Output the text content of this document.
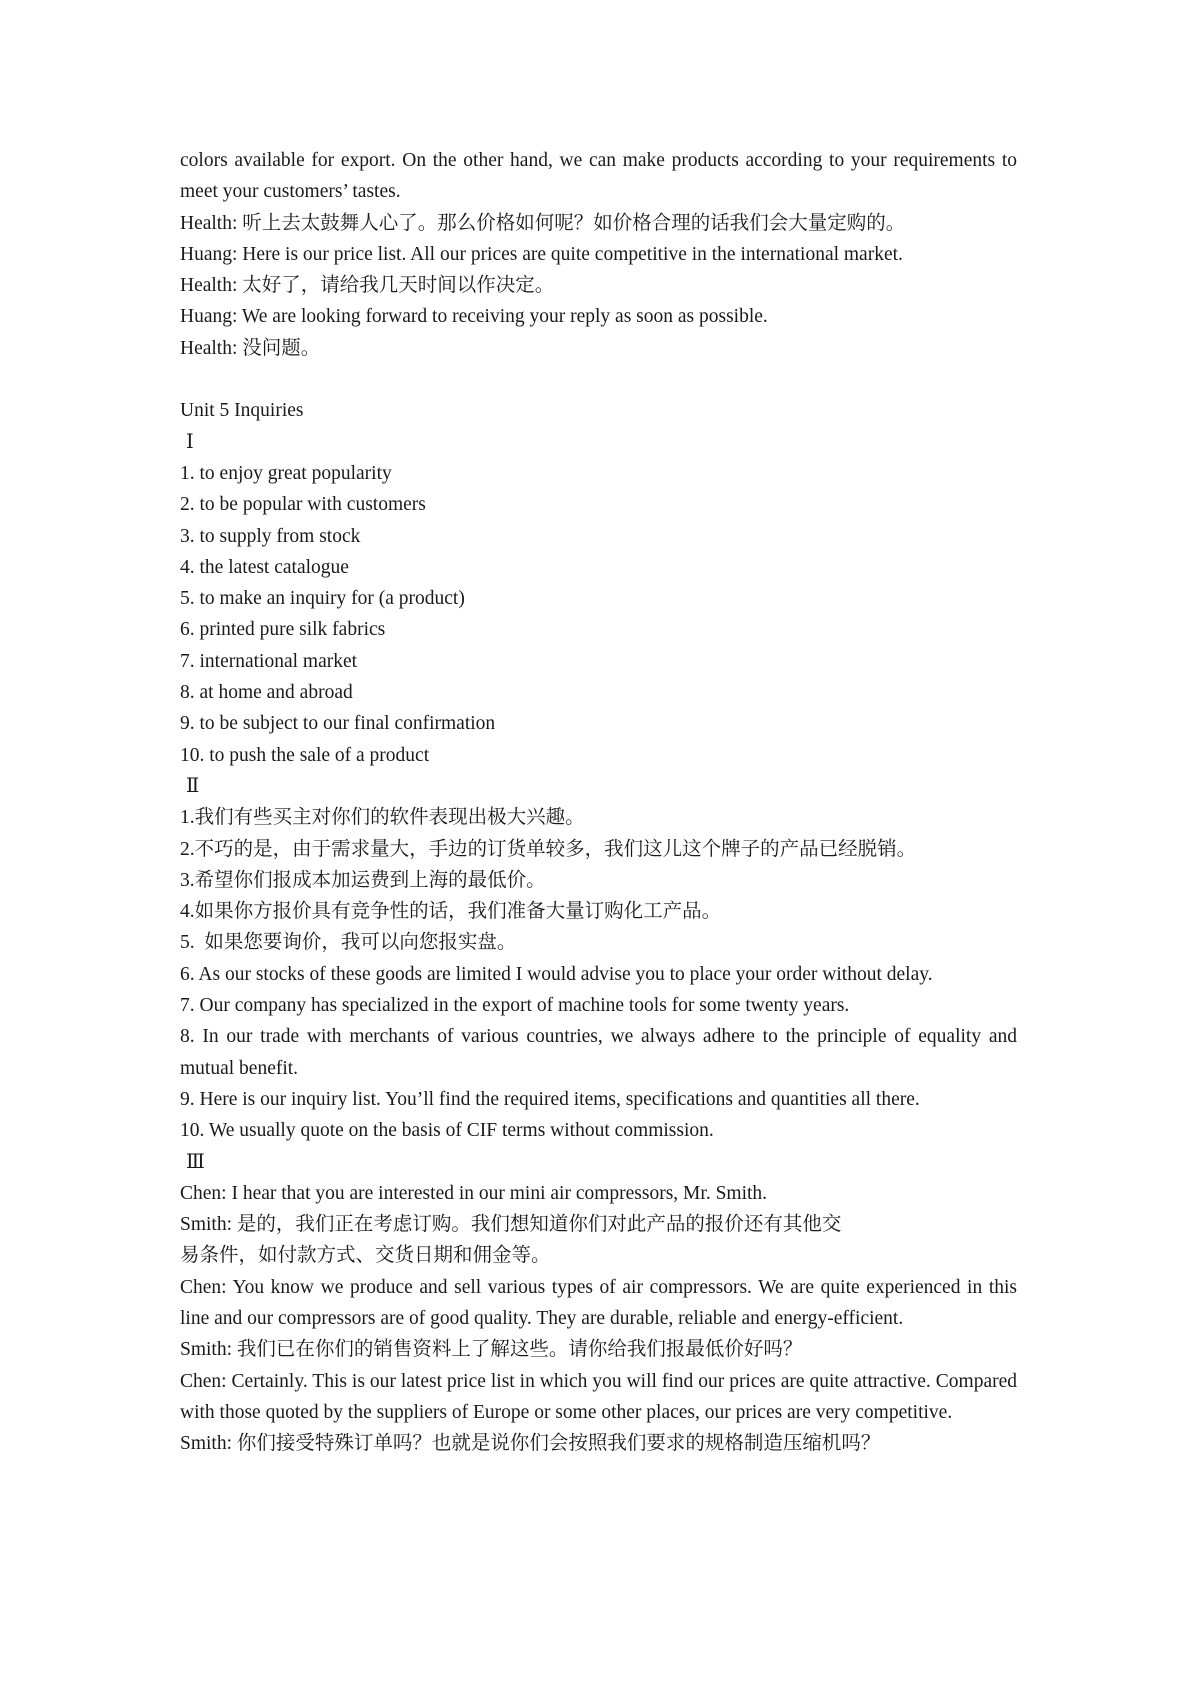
colors available for export. On the other hand, we can make products according to your requirements to meet your customers’ tastes.
Health: 听上去太鼓舞人心了。那么价格如何呢？如价格合理的话我们会大量定购的。
Huang: Here is our price list. All our prices are quite competitive in the international market.
Health: 太好了，请给我几天时间以作决定。
Huang: We are looking forward to receiving your reply as soon as possible.
Health: 没问题。
Unit 5 Inquiries
Ⅰ
1. to enjoy great popularity
2. to be popular with customers
3. to supply from stock
4. the latest catalogue
5. to make an inquiry for (a product)
6. printed pure silk fabrics
7. international market
8. at home and abroad
9. to be subject to our final confirmation
10. to push the sale of a product
Ⅱ
1.我们有些买主对你们的软件表现出极大兴趣。
2.不巧的是，由于需求量大，手边的订货单较多，我们这儿这个牌子的产品已经脱销。
3.希望你们报成本加运费到上海的最低价。
4.如果你方报价具有竞争性的话，我们准备大量订购化工产品。
5.  如果您要询价，我可以向您报实盘。
6. As our stocks of these goods are limited I would advise you to place your order without delay.
7. Our company has specialized in the export of machine tools for some twenty years.
8. In our trade with merchants of various countries, we always adhere to the principle of equality and mutual benefit.
9. Here is our inquiry list. You’ll find the required items, specifications and quantities all there.
10. We usually quote on the basis of CIF terms without commission.
Ⅲ
Chen: I hear that you are interested in our mini air compressors, Mr. Smith.
Smith: 是的，我们正在考虑订购。我们想知道你们对此产品的报价还有其他交
易条件，如付款方式、交货日期和佣金等。
Chen: You know we produce and sell various types of air compressors. We are quite experienced in this line and our compressors are of good quality. They are durable, reliable and energy-efficient.
Smith: 我们已在你们的销售资料上了解这些。请你给我们报最低价好吗？
Chen: Certainly. This is our latest price list in which you will find our prices are quite attractive. Compared with those quoted by the suppliers of Europe or some other places, our prices are very competitive.
Smith: 你们接受特殊订单吗？也就是说你们会按照我们要求的规格制造压缩机吗？
